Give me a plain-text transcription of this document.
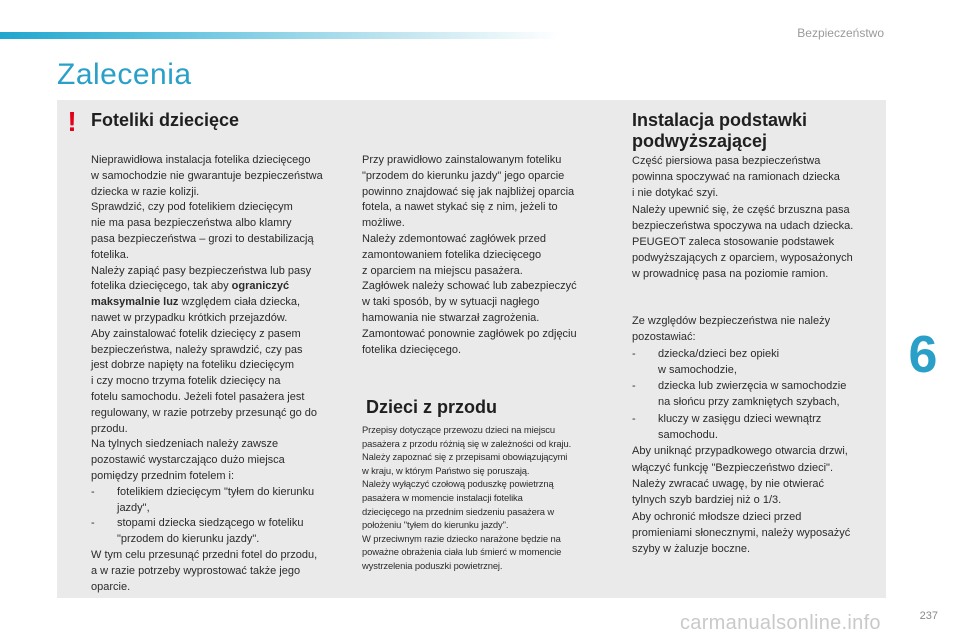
Bezpieczeństwo
Zalecenia
! Foteliki dziecięce

Nieprawidłowa instalacja fotelika dziecięcego

w samochodzie nie gwarantuje bezpieczeństwa

dziecka w razie kolizji.

Sprawdzić, czy pod fotelikiem dziecięcym

nie ma pasa bezpieczeństwa albo klamry

pasa bezpieczeństwa – grozi to destabilizacją

fotelika.

Należy zapiąć pasy bezpieczeństwa lub pasy

fotelika dziecięcego, tak aby ograniczyć

maksymalnie luz względem ciała dziecka,

nawet w przypadku krótkich przejazdów.

Aby zainstalować fotelik dziecięcy z pasem

bezpieczeństwa, należy sprawdzić, czy pas

jest dobrze napięty na foteliku dziecięcym

i czy mocno trzyma fotelik dziecięcy na

fotelu samochodu. Jeżeli fotel pasażera jest

regulowany, w razie potrzeby przesunąć go do

przodu.

Na tylnych siedzeniach należy zawsze

pozostawić wystarczająco dużo miejsca

pomiędzy przednim fotelem i:

-	fotelikiem dziecięcym "tyłem do kierunku
jazdy",
-	stopami dziecka siedzącego w foteliku
"przodem do kierunku jazdy".

W tym celu przesunąć przedni fotel do przodu,

a w razie potrzeby wyprostować także jego

oparcie.

Przy prawidłowo zainstalowanym foteliku

"przodem do kierunku jazdy" jego oparcie

powinno znajdować się jak najbliżej oparcia

fotela, a nawet stykać się z nim, jeżeli to

możliwe.

Należy zdemontować zagłówek przed

zamontowaniem fotelika dziecięcego

z oparciem na miejscu pasażera.

Zagłówek należy schować lub zabezpieczyć

w taki sposób, by w sytuacji nagłego

hamowania nie stwarzał zagrożenia.

Zamontować ponownie zagłówek po zdjęciu

fotelika dziecięcego.

Dzieci z przodu

Przepisy dotyczące przewozu dzieci na miejscu

pasażera z przodu różnią się w zależności od kraju.

Należy zapoznać się z przepisami obowiązującymi

w kraju, w którym Państwo się poruszają.

Należy wyłączyć czołową poduszkę powietrzną

pasażera w momencie instalacji fotelika

dziecięcego na przednim siedzeniu pasażera w

położeniu "tyłem do kierunku jazdy".

W przeciwnym razie dziecko narażone będzie na

poważne obrażenia ciała lub śmierć w momencie

wystrzelenia poduszki powietrznej.

Instalacja podstawki
podwyższającej

Część piersiowa pasa bezpieczeństwa

powinna spoczywać na ramionach dziecka

i nie dotykać szyi.

Należy upewnić się, że część brzuszna pasa

bezpieczeństwa spoczywa na udach dziecka.

PEUGEOT zaleca stosowanie podstawek

podwyższających z oparciem, wyposażonych

w prowadnicę pasa na poziomie ramion.

Ze względów bezpieczeństwa nie należy

pozostawiać:

-	dziecka/dzieci bez opieki
w samochodzie,
-	dziecka lub zwierzęcia w samochodzie
na słońcu przy zamkniętych szybach,
-	kluczy w zasięgu dzieci wewnątrz
samochodu.

Aby uniknąć przypadkowego otwarcia drzwi,

włączyć funkcję "Bezpieczeństwo dzieci".

Należy zwracać uwagę, by nie otwierać

tylnych szyb bardziej niż o 1/3.

Aby ochronić młodsze dzieci przed

promieniami słonecznymi, należy wyposażyć

szyby w żaluzje boczne.

6
carmanualsonline.info	237
